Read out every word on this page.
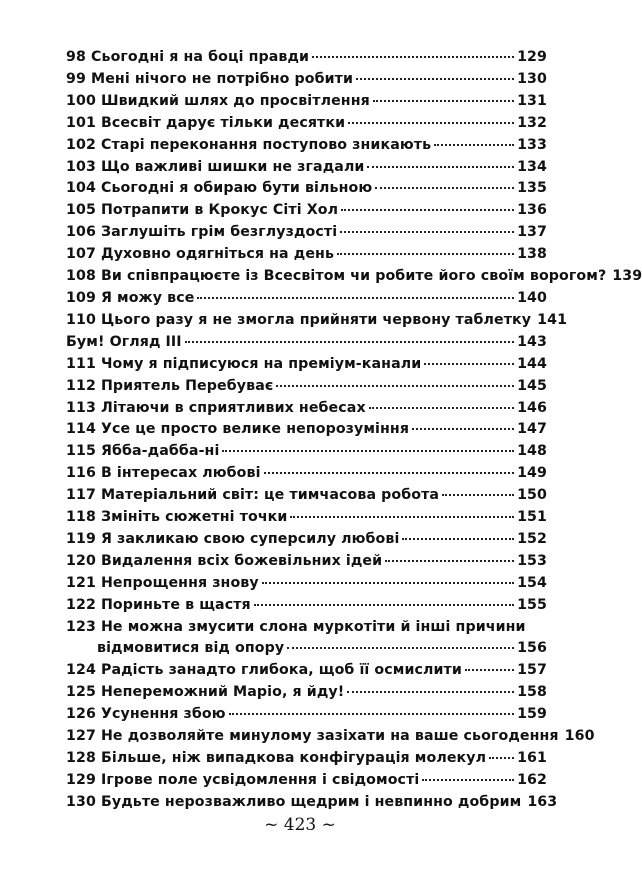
98 Сьогодні я на боці правди	129
99 Мені нічого не потрібно робити	130
100 Швидкий шлях до просвітлення	131
101 Всесвіт дарує тільки десятки	132
102 Старі переконання поступово зникають	133
103 Що важливі шишки не згадали	134
104 Сьогодні я обираю бути вільною	135
105 Потрапити в Крокус Сіті Хол	136
106 Заглушіть грім безглуздості	137
107 Духовно одягніться на день	138
108 Ви співпрацюєте із Всесвітом чи робите його своїм ворогом? 139
109 Я можу все	140
110 Цього разу я не змогла прийняти червону таблетку 141
Бум! Огляд III	143
111 Чому я підписуюся на преміум-канали	144
112 Приятель Перебуває	145
113 Літаючи в сприятливих небесах	146
114 Усе це просто велике непорозуміння	147
115 Ябба-дабба-ні	148
116 В інтересах любові	149
117 Матеріальний світ: це тимчасова робота	150
118 Змініть сюжетні точки	151
119 Я закликаю свою суперсилу любові	152
120 Видалення всіх божевільних ідей	153
121 Непрощення знову	154
122 Пориньте в щастя	155
123 Не можна змусити слона муркотіти й інші причини
відмовитися від опору	156
124 Радість занадто глибока, щоб її осмислити	157
125 Непереможний Маріо, я йду!	158
126 Усунення збою	159
127 Не дозволяйте минулому зазіхати на ваше сьогодення 160
128 Більше, ніж випадкова конфігурація молекул 161
129 Ігрове поле усвідомлення і свідомості	162
130 Будьте нерозважливо щедрим і невпинно добрим 163
~ 423 ~
